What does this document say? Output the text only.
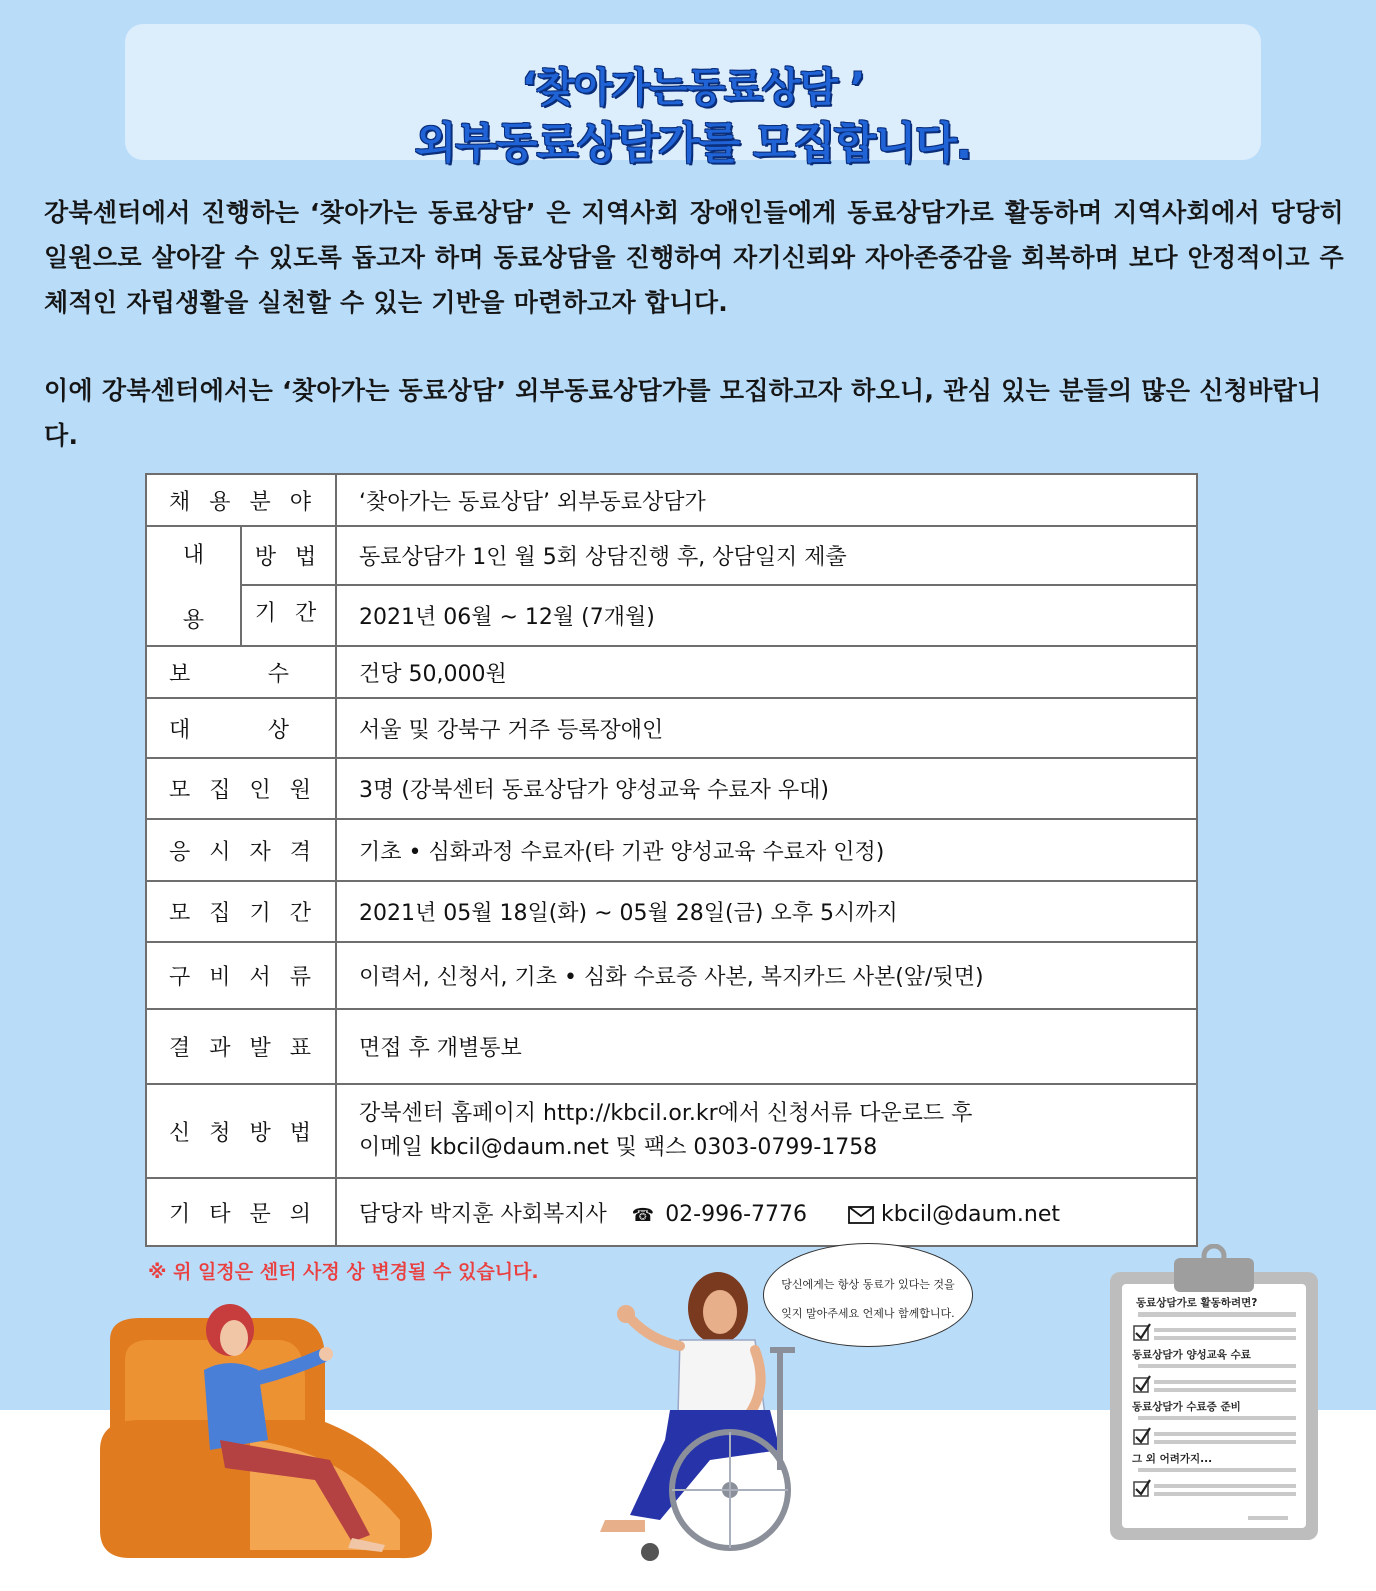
‘찾아가는동료상담 ’
외부동료상담가를 모집합니다.

강북센터에서 진행하는 ‘찾아가는 동료상담’ 은 지역사회 장애인들에게 동료상담가로 활동하며 지역사회에서 당당히 일원으로 살아갈 수 있도록 돕고자 하며 동료상담을 진행하여 자기신뢰와 자아존중감을 회복하며 보다 안정적이고 주체적인 자립생활을 실천할 수 있는 기반을 마련하고자 합니다.

이에 강북센터에서는 ‘찾아가는 동료상담’ 외부동료상담가를 모집하고자 하오니, 관심 있는 분들의 많은 신청바랍니다.

채 용 분 야		‘찾아가는 동료상담’ 외부동료상담가

내
용	방 법	동료상담가 1인 월 5회 상담진행 후, 상담일지 제출
	기 간	2021년 06월 ~ 12월 (7개월)

보 수		건당 50,000원

대 상		서울 및 강북구 거주 등록장애인
모 집 인 원		3명 (강북센터 동료상담가 양성교육 수료자 우대)
응 시 자 격		기초 • 심화과정 수료자(타 기관 양성교육 수료자 인정)
모 집 기 간		2021년 05월 18일(화) ~ 05월 28일(금) 오후 5시까지
구 비 서 류		이력서, 신청서, 기초 • 심화 수료증 사본, 복지카드 사본(앞/뒷면)
결 과 발 표		면접 후 개별통보
신 청 방 법		강북센터 홈페이지 http://kbcil.or.kr에서 신청서류 다운로드 후
이메일 kbcil@daum.net 및 팩스 0303-0799-1758

기 타 문 의		담당자 박지훈 사회복지사 ☎ 02-996-7776 kbcil@daum.net
※ 위 일정은 센터 사정 상 변경될 수 있습니다.
당신에게는 항상 동료가 있다는 것을
잊지 말아주세요 언제나 함께합니다.
동료상담가로 활동하려면?
동료상담가 양성교육 수료
동료상담가 수료증 준비
그 외 어려가지...
